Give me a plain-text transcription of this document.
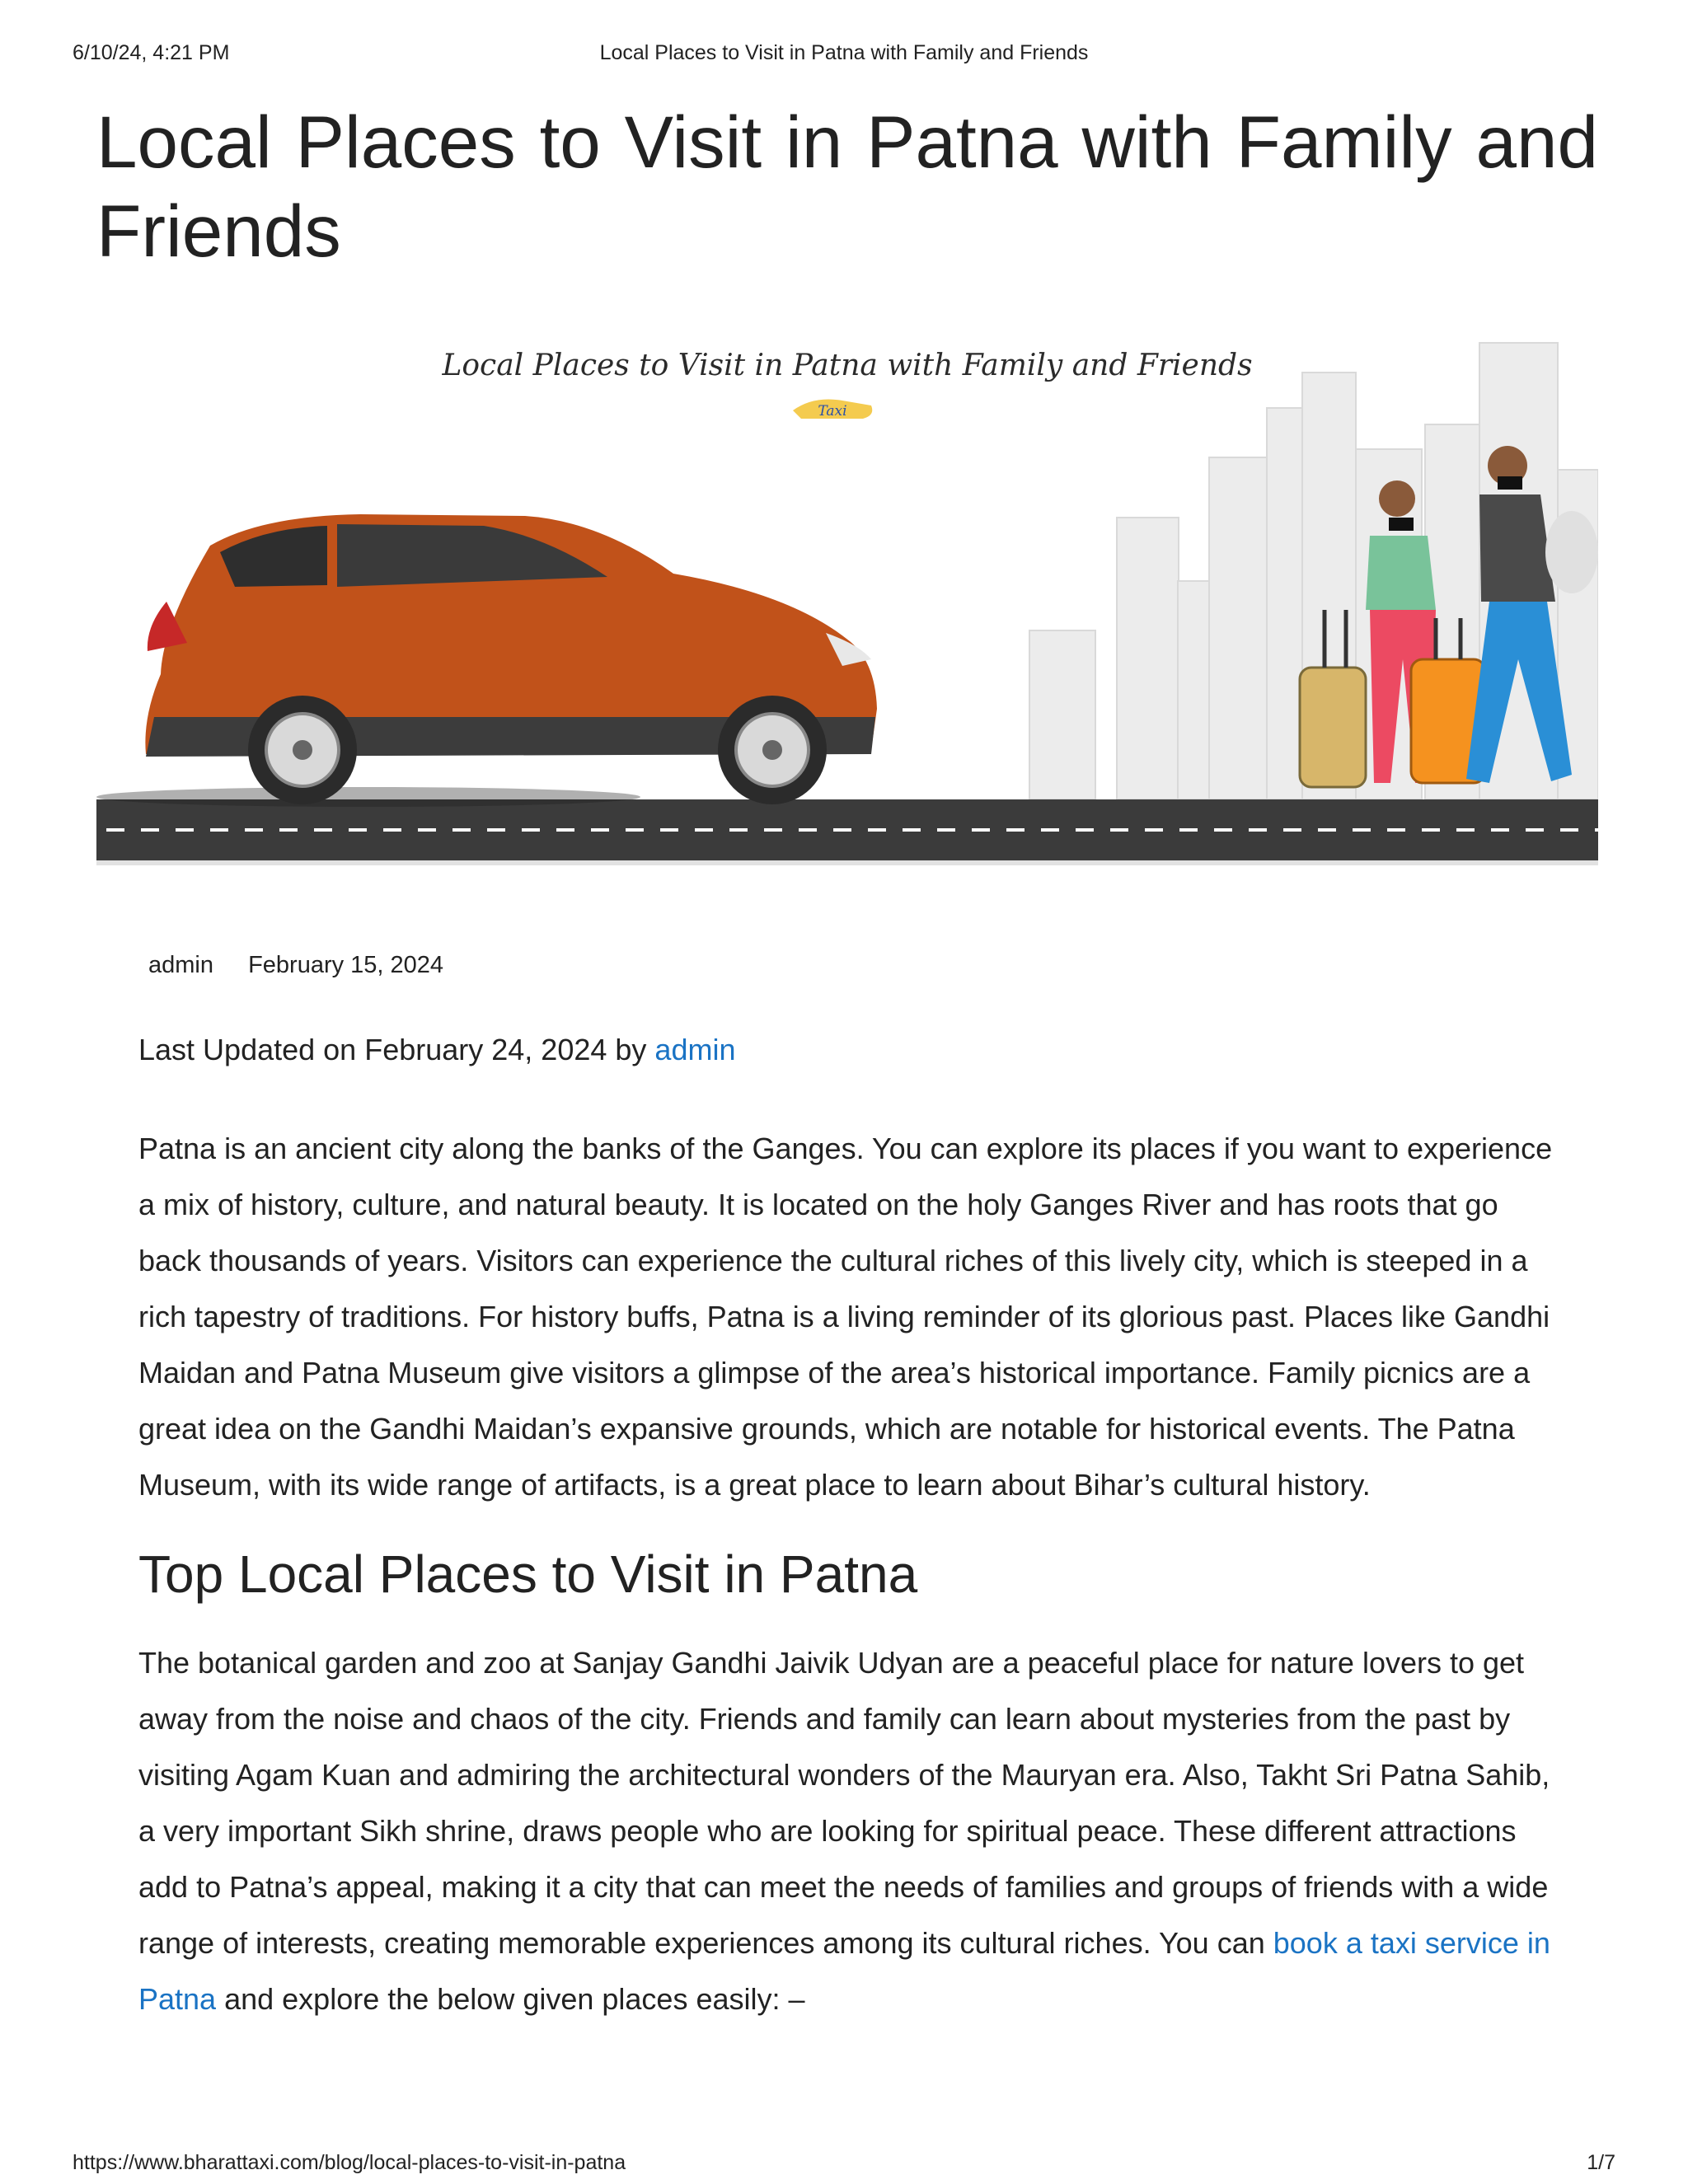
6/10/24, 4:21 PM	Local Places to Visit in Patna with Family and Friends
Local Places to Visit in Patna with Family and Friends
Local Places to Visit in Patna with Family and Friends
Taxi
admin February 15, 2024
Last Updated on February 24, 2024 by admin

Patna is an ancient city along the banks of the Ganges. You can explore its places if you want to experience a mix of history, culture, and natural beauty. It is located on the holy Ganges River and has roots that go back thousands of years. Visitors can experience the cultural riches of this lively city, which is steeped in a rich tapestry of traditions. For history buffs, Patna is a living reminder of its glorious past. Places like Gandhi Maidan and Patna Museum give visitors a glimpse of the area’s historical importance. Family picnics are a great idea on the Gandhi Maidan’s expansive grounds, which are notable for historical events. The Patna Museum, with its wide range of artifacts, is a great place to learn about Bihar’s cultural history.

Top Local Places to Visit in Patna

The botanical garden and zoo at Sanjay Gandhi Jaivik Udyan are a peaceful place for nature lovers to get away from the noise and chaos of the city. Friends and family can learn about mysteries from the past by visiting Agam Kuan and admiring the architectural wonders of the Mauryan era. Also, Takht Sri Patna Sahib, a very important Sikh shrine, draws people who are looking for spiritual peace. These different attractions add to Patna’s appeal, making it a city that can meet the needs of families and groups of friends with a wide range of interests, creating memorable experiences among its cultural riches. You can book a taxi service in Patna and explore the below given places easily: –

https://www.bharattaxi.com/blog/local-places-to-visit-in-patna	1/7
